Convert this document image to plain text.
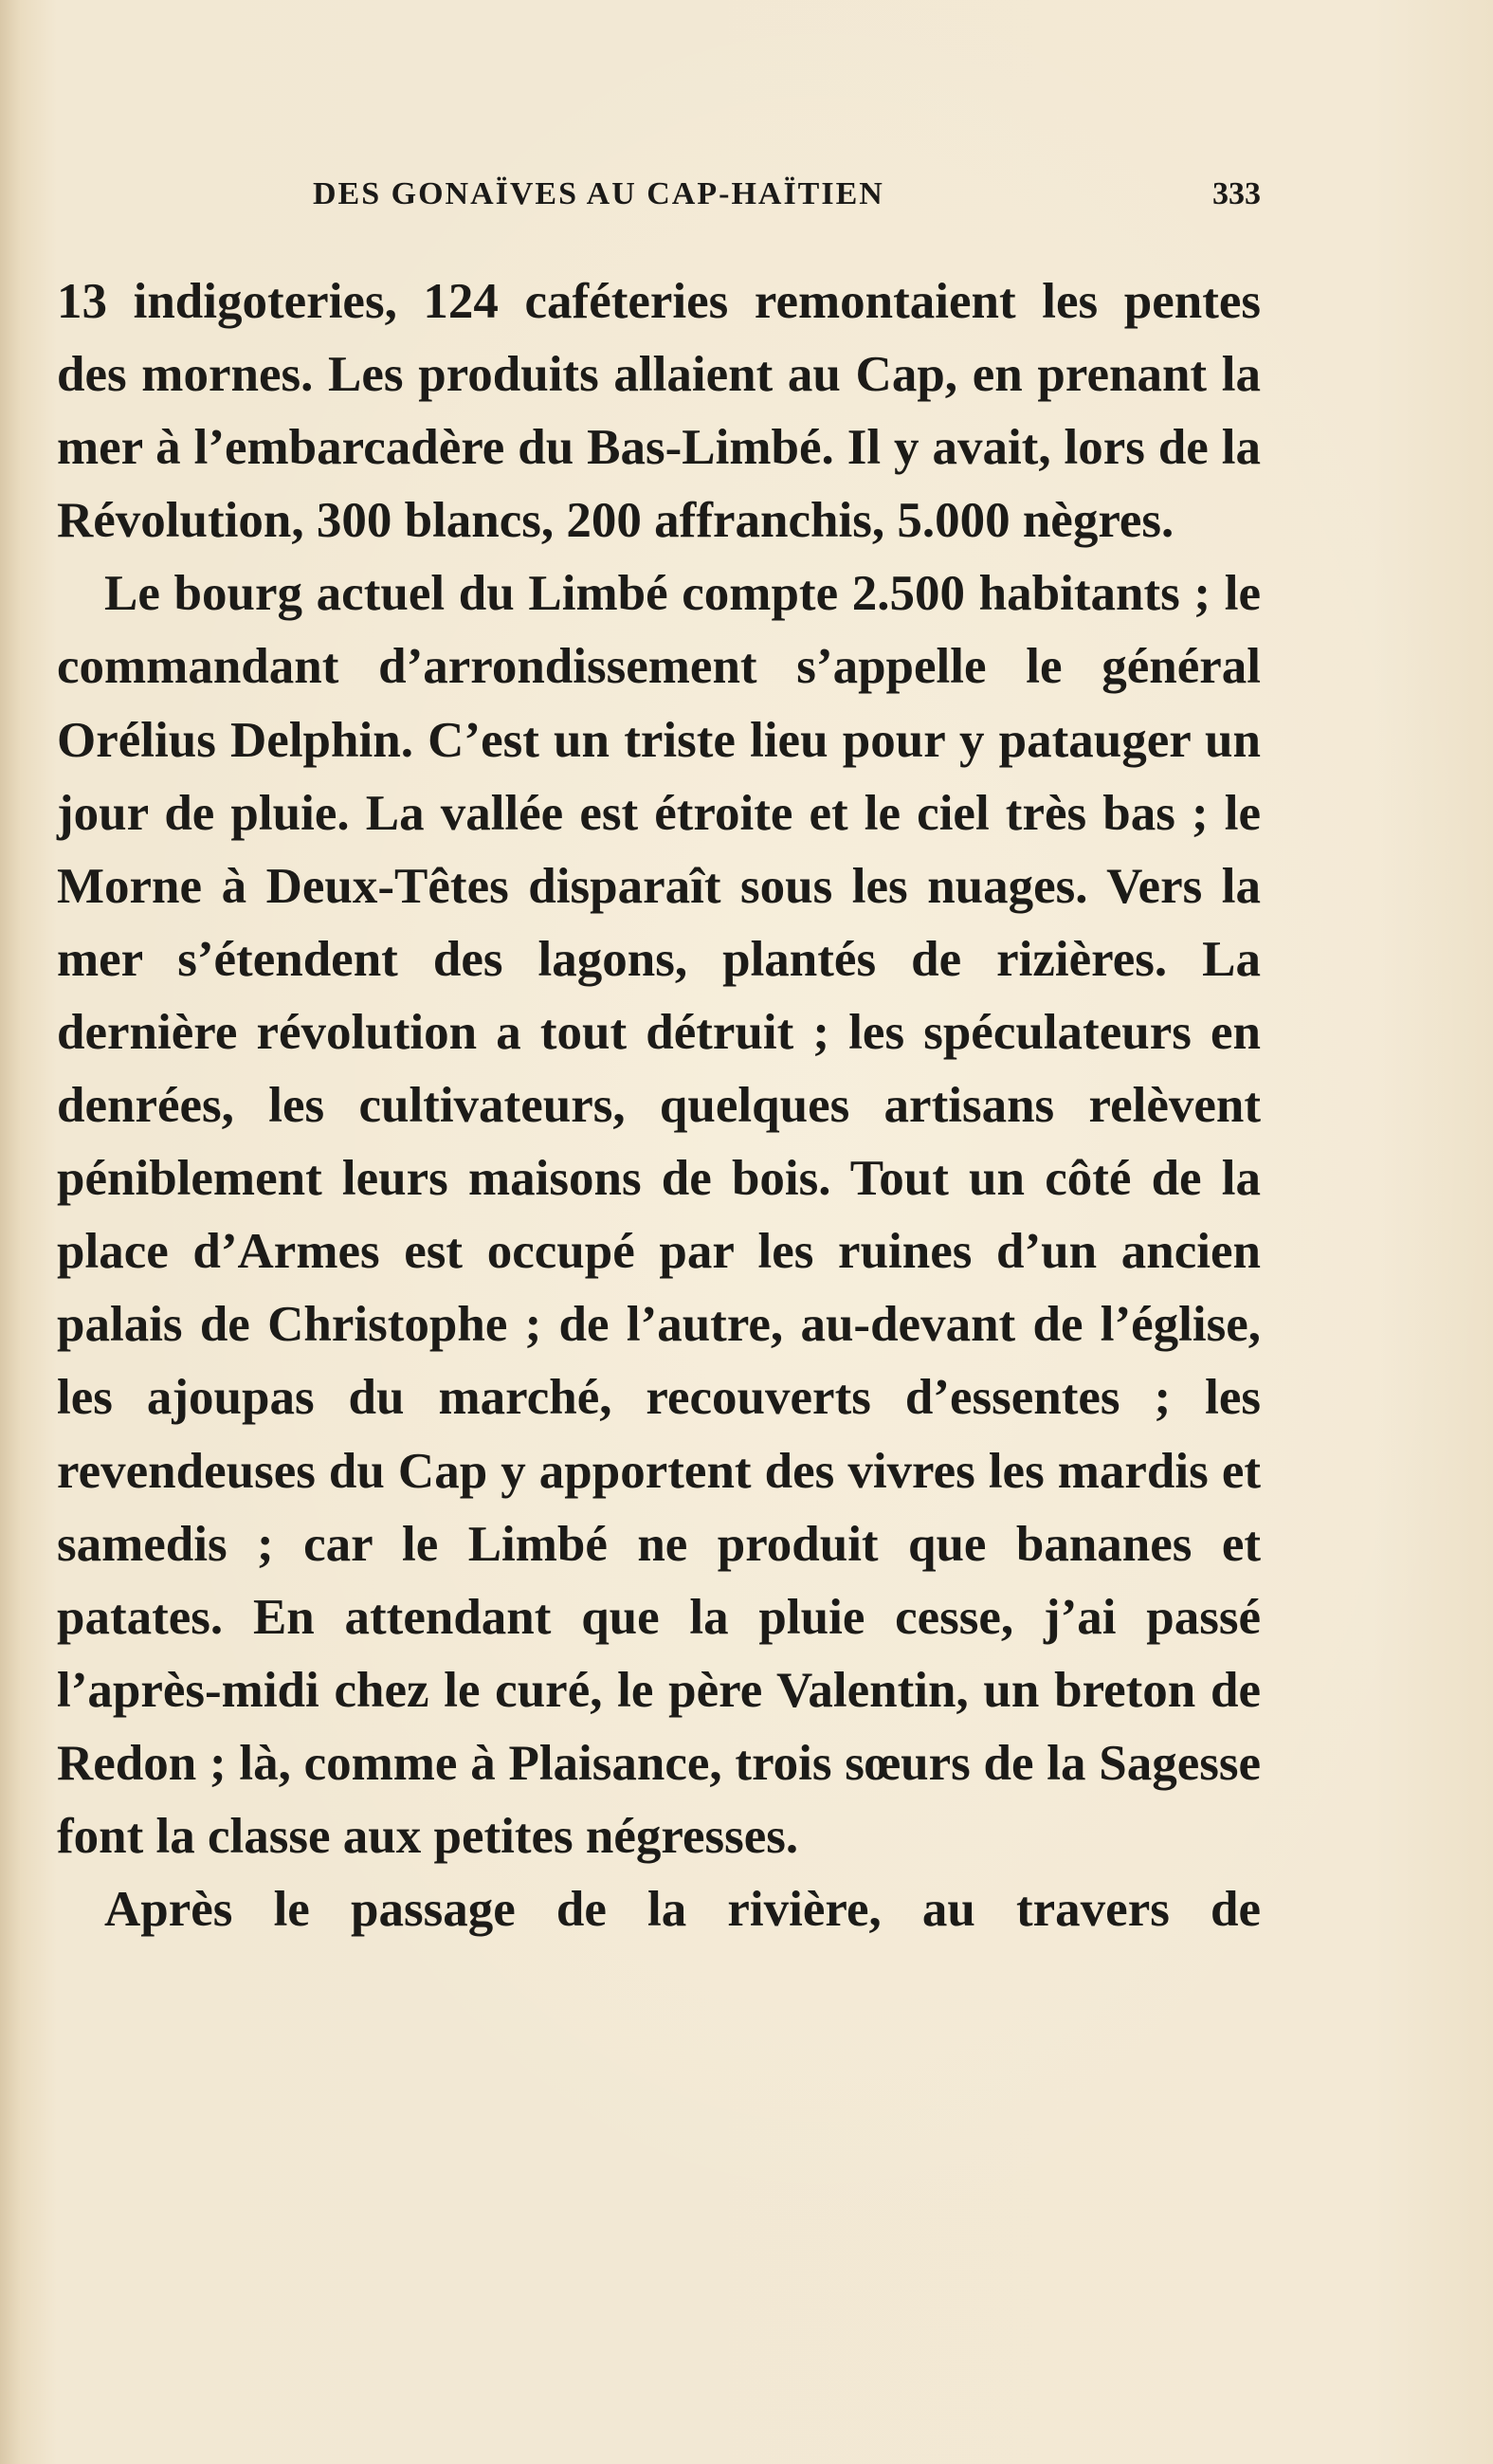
DES GONAÏVES AU CAP-HAÏTIEN	333

13 indigoteries, 124 caféteries remontaient les pentes des mornes. Les produits allaient au Cap, en prenant la mer à l’embarcadère du Bas-Limbé. Il y avait, lors de la Révolution, 300 blancs, 200 affranchis, 5.000 nègres.

Le bourg actuel du Limbé compte 2.500 habitants ; le commandant d’arrondissement s’appelle le général Orélius Delphin. C’est un triste lieu pour y patauger un jour de pluie. La vallée est étroite et le ciel très bas ; le Morne à Deux-Têtes disparaît sous les nuages. Vers la mer s’étendent des lagons, plantés de rizières. La dernière révolution a tout détruit ; les spéculateurs en denrées, les cultivateurs, quelques artisans relèvent péniblement leurs maisons de bois. Tout un côté de la place d’Armes est occupé par les ruines d’un ancien palais de Christophe ; de l’autre, au-devant de l’église, les ajoupas du marché, recouverts d’essentes ; les revendeuses du Cap y apportent des vivres les mardis et samedis ; car le Limbé ne produit que bananes et patates. En attendant que la pluie cesse, j’ai passé l’après-midi chez le curé, le père Valentin, un breton de Redon ; là, comme à Plaisance, trois sœurs de la Sagesse font la classe aux petites négresses.

Après le passage de la rivière, au travers de
